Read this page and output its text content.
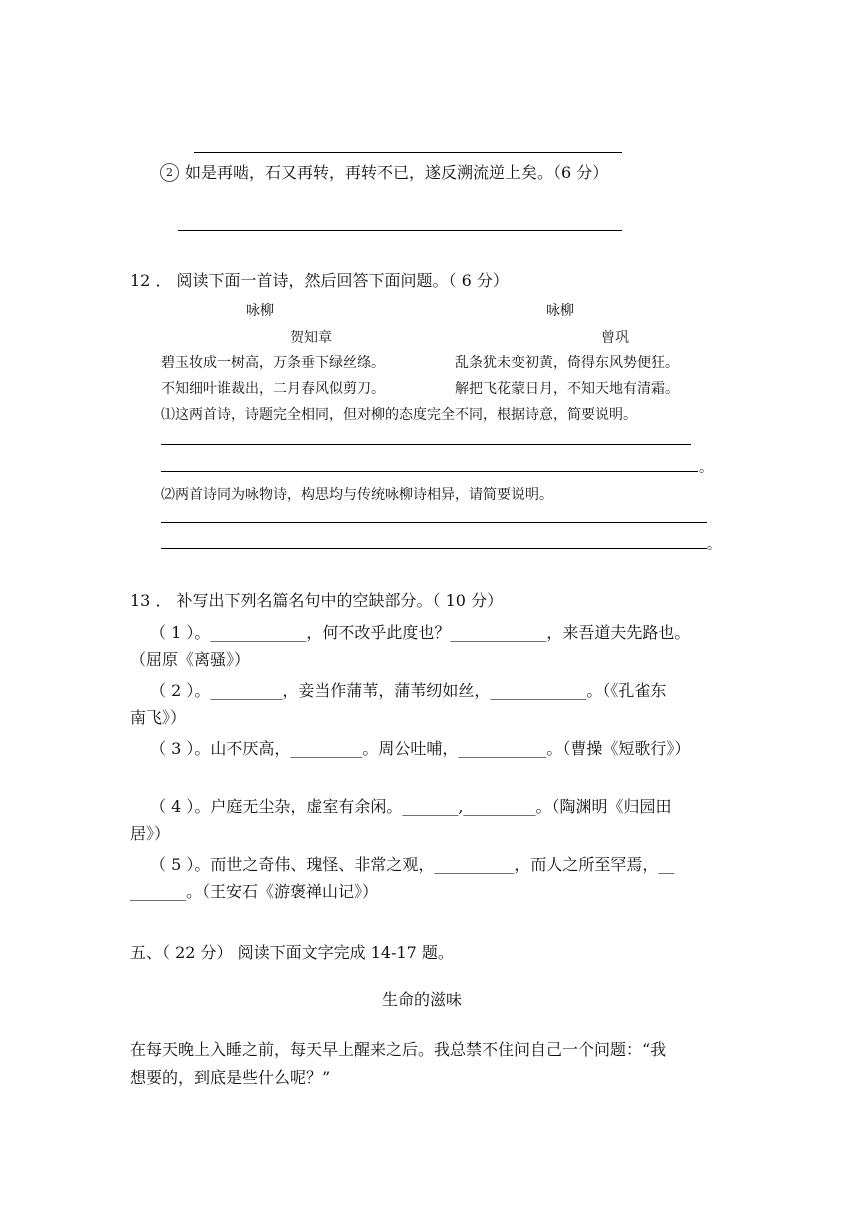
2 如是再啮，石又再转，再转不已，遂反溯流逆上矣。（6 分）
12 ． 阅读下面一首诗，然后回答下面问题。（ 6 分）
咏柳	咏柳
贺知章	曾巩
碧玉妆成一树高，万条垂下绿丝绦。	乱条犹未变初黄，倚得东风势便狂。
不知细叶谁裁出，二月春风似剪刀。	解把飞花蒙日月，不知天地有清霜。
⑴这两首诗，诗题完全相同，但对柳的态度完全不同，根据诗意，简要说明。
。
⑵两首诗同为咏物诗，构思均与传统咏柳诗相异，请简要说明。
。
13 ． 补写出下列名篇名句中的空缺部分。（ 10 分）
（ 1 ）。____________，何不改乎此度也？____________，来吾道夫先路也。
（屈原《离骚》）
（ 2 ）。_________，妾当作蒲苇，蒲苇纫如丝，____________。（《孔雀东
南飞》）
（ 3 ）。山不厌高，_________。周公吐哺，___________。（曹操《短歌行》）
（ 4 ）。户庭无尘杂，虚室有余闲。_______,_________。（陶渊明《归园田
居》）
（ 5 ）。而世之奇伟、瑰怪、非常之观，__________，而人之所至罕焉，__
_______。（王安石《游褒禅山记》）
五、（ 22 分） 阅读下面文字完成 14-17 题。
生命的滋味
在每天晚上入睡之前，每天早上醒来之后。我总禁不住问自己一个问题：“我
想要的，到底是些什么呢？”
